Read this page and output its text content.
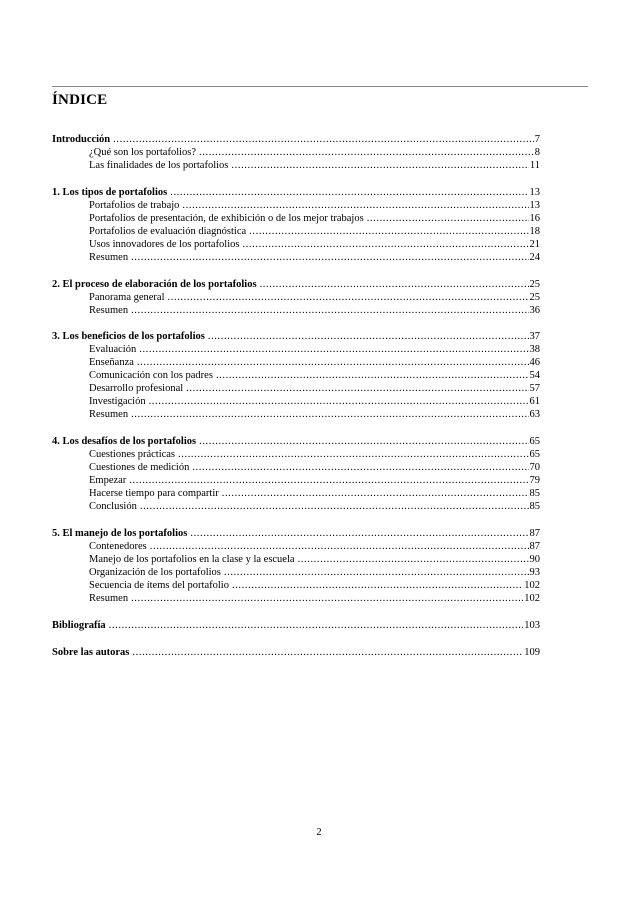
ÍNDICE
Introducción .....	7
¿Qué son los portafolios? .....	8
Las finalidades de los portafolios .....	11
1. Los tipos de portafolios .....	13
Portafolios de trabajo .....	13
Portafolios de presentación, de exhibición o de los mejor trabajos .....	16
Portafolios de evaluación diagnóstica .....	18
Usos innovadores de los portafolios .....	21
Resumen .....	24
2. El proceso de elaboración de los portafolios .....	25
Panorama general .....	25
Resumen .....	36
3. Los beneficios de los portafolios .....	37
Evaluación .....	38
Enseñanza .....	46
Comunicación con los padres .....	54
Desarrollo profesional .....	57
Investigación .....	61
Resumen .....	63
4. Los desafíos de los portafolios .....	65
Cuestiones prácticas .....	65
Cuestiones de medición .....	70
Empezar .....	79
Hacerse tiempo para compartir .....	85
Conclusión .....	85
5. El manejo de los portafolios .....	87
Contenedores .....	87
Manejo de los portafolios en la clase y la escuela .....	90
Organización de los portafolios .....	93
Secuencia de ítems del portafolio .....	102
Resumen .....	102
Bibliografía .....	103
Sobre las autoras .....	109
2
